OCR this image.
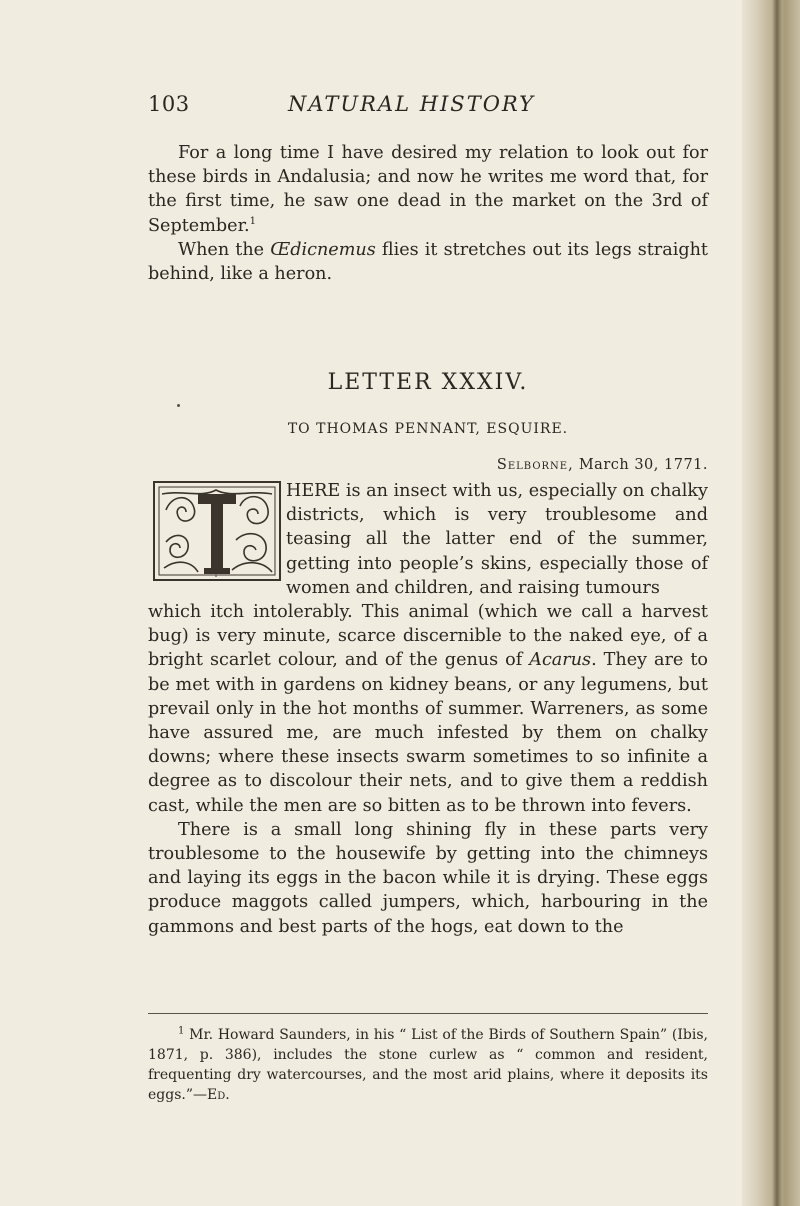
103	NATURAL HISTORY

For a long time I have desired my relation to look out for these birds in Andalusia; and now he writes me word that, for the first time, he saw one dead in the market on the 3rd of September.$^1$

When the Œdicnemus flies it stretches out its legs straight behind, like a heron.

LETTER XXXIV.
TO THOMAS PENNANT, ESQUIRE.
Selborne, March 30, 1771.
T

HERE is an insect with us, especially on chalky districts, which is very troublesome and teasing all the latter end of the summer, getting into people’s skins, especially those of women and children, and raising tumours

which itch intolerably. This animal (which we call a harvest bug) is very minute, scarce discernible to the naked eye, of a bright scarlet colour, and of the genus of Acarus. They are to be met with in gardens on kidney beans, or any legumens, but prevail only in the hot months of summer. Warreners, as some have assured me, are much infested by them on chalky downs; where these insects swarm sometimes to so infinite a degree as to discolour their nets, and to give them a reddish cast, while the men are so bitten as to be thrown into fevers.

There is a small long shining fly in these parts very troublesome to the housewife by getting into the chimneys and laying its eggs in the bacon while it is drying. These eggs produce maggots called jumpers, which, harbouring in the gammons and best parts of the hogs, eat down to the

$^1$ Mr. Howard Saunders, in his “ List of the Birds of Southern Spain” (Ibis, 1871, p. 386), includes the stone curlew as “ common and resident, frequenting dry watercourses, and the most arid plains, where it deposits its eggs.”—Ed.
